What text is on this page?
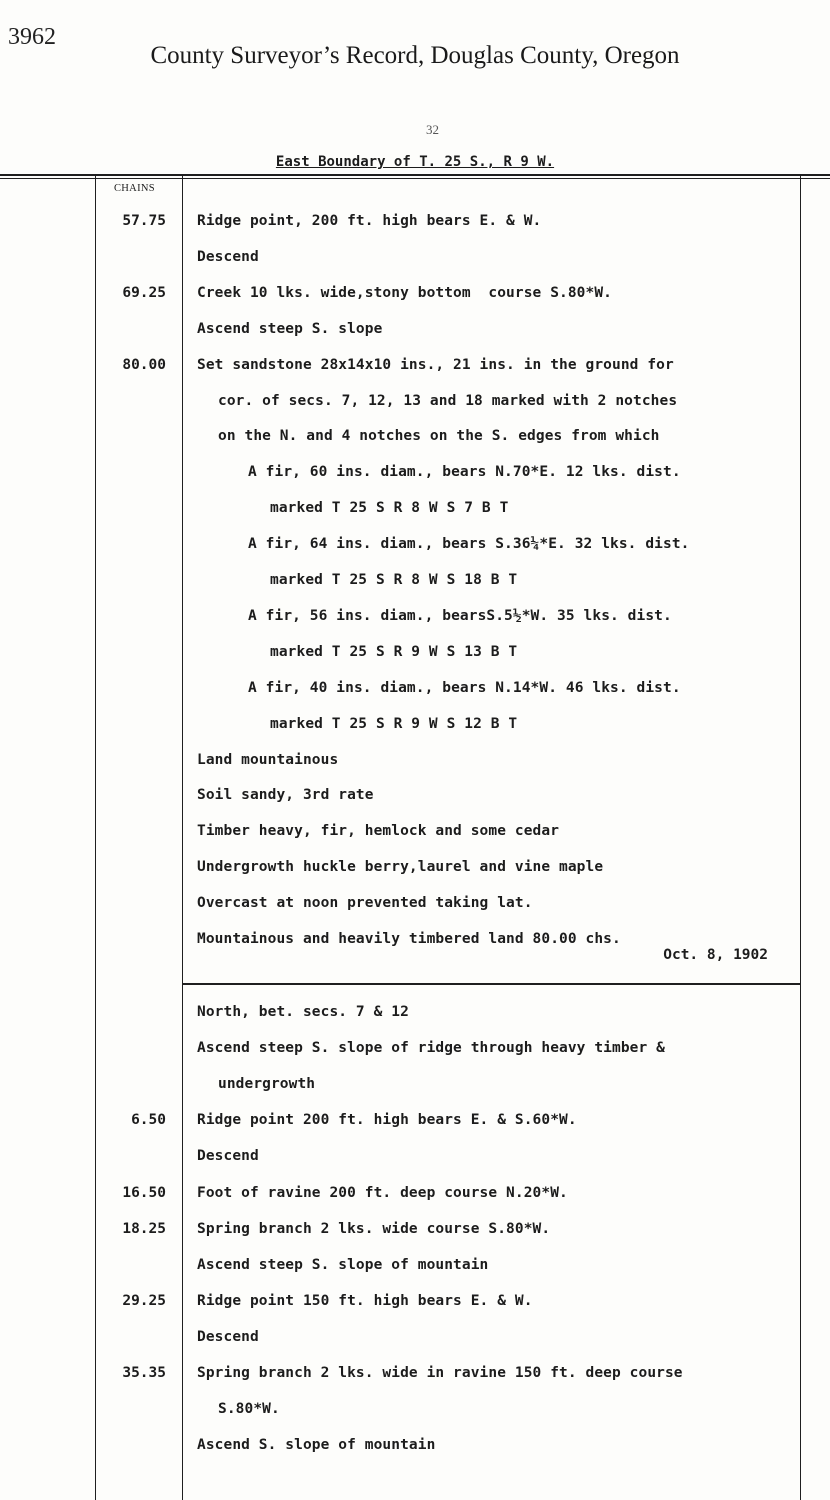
3962
County Surveyor’s Record, Douglas County, Oregon
32
East Boundary of T. 25 S., R 9 W.
CHAINS
57.75 Ridge point, 200 ft. high bears E. & W.
Descend
69.25 Creek 10 lks. wide,stony bottom  course S.80*W.
Ascend steep S. slope
80.00 Set sandstone 28x14x10 ins., 21 ins. in the ground for
cor. of secs. 7, 12, 13 and 18 marked with 2 notches
on the N. and 4 notches on the S. edges from which
A fir, 60 ins. diam., bears N.70*E. 12 lks. dist.
marked T 25 S R 8 W S 7 B T
A fir, 64 ins. diam., bears S.36¼*E. 32 lks. dist.
marked T 25 S R 8 W S 18 B T
A fir, 56 ins. diam., bearsS.5½*W. 35 lks. dist.
marked T 25 S R 9 W S 13 B T
A fir, 40 ins. diam., bears N.14*W. 46 lks. dist.
marked T 25 S R 9 W S 12 B T
Land mountainous
Soil sandy, 3rd rate
Timber heavy, fir, hemlock and some cedar
Undergrowth huckle berry,laurel and vine maple
Overcast at noon prevented taking lat.
Mountainous and heavily timbered land 80.00 chs.
North, bet. secs. 7 & 12
Ascend steep S. slope of ridge through heavy timber &
undergrowth
6.50 Ridge point 200 ft. high bears E. & S.60*W.
Descend
16.50 Foot of ravine 200 ft. deep course N.20*W.
18.25 Spring branch 2 lks. wide course S.80*W.
Ascend steep S. slope of mountain
29.25 Ridge point 150 ft. high bears E. & W.
Descend
35.35 Spring branch 2 lks. wide in ravine 150 ft. deep course
S.80*W.
Ascend S. slope of mountain
Oct. 8, 1902
